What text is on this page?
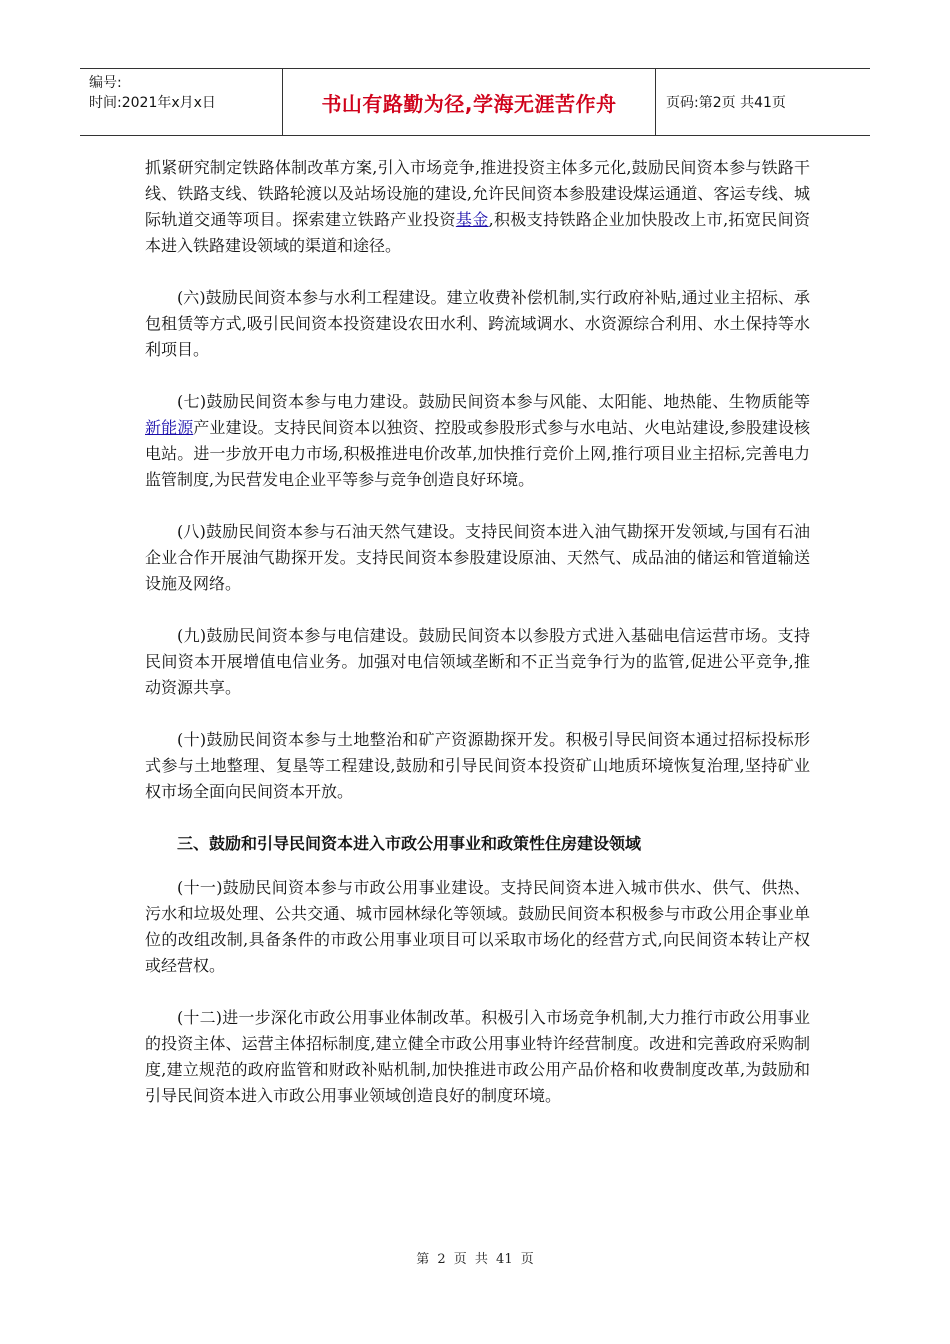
编号:
时间:2021年x月x日	书山有路勤为径,学海无涯苦作舟	页码:第2页 共41页

抓紧研究制定铁路体制改革方案,引入市场竞争,推进投资主体多元化,鼓励民间资本参与铁路干线、铁路支线、铁路轮渡以及站场设施的建设,允许民间资本参股建设煤运通道、客运专线、城际轨道交通等项目。探索建立铁路产业投资基金,积极支持铁路企业加快股改上市,拓宽民间资本进入铁路建设领域的渠道和途径。

(六)鼓励民间资本参与水利工程建设。建立收费补偿机制,实行政府补贴,通过业主招标、承包租赁等方式,吸引民间资本投资建设农田水利、跨流域调水、水资源综合利用、水土保持等水利项目。

(七)鼓励民间资本参与电力建设。鼓励民间资本参与风能、太阳能、地热能、生物质能等新能源产业建设。支持民间资本以独资、控股或参股形式参与水电站、火电站建设,参股建设核电站。进一步放开电力市场,积极推进电价改革,加快推行竞价上网,推行项目业主招标,完善电力监管制度,为民营发电企业平等参与竞争创造良好环境。

(八)鼓励民间资本参与石油天然气建设。支持民间资本进入油气勘探开发领域,与国有石油企业合作开展油气勘探开发。支持民间资本参股建设原油、天然气、成品油的储运和管道输送设施及网络。

(九)鼓励民间资本参与电信建设。鼓励民间资本以参股方式进入基础电信运营市场。支持民间资本开展增值电信业务。加强对电信领域垄断和不正当竞争行为的监管,促进公平竞争,推动资源共享。

(十)鼓励民间资本参与土地整治和矿产资源勘探开发。积极引导民间资本通过招标投标形式参与土地整理、复垦等工程建设,鼓励和引导民间资本投资矿山地质环境恢复治理,坚持矿业权市场全面向民间资本开放。

三、鼓励和引导民间资本进入市政公用事业和政策性住房建设领域

(十一)鼓励民间资本参与市政公用事业建设。支持民间资本进入城市供水、供气、供热、污水和垃圾处理、公共交通、城市园林绿化等领域。鼓励民间资本积极参与市政公用企事业单位的改组改制,具备条件的市政公用事业项目可以采取市场化的经营方式,向民间资本转让产权或经营权。

(十二)进一步深化市政公用事业体制改革。积极引入市场竞争机制,大力推行市政公用事业的投资主体、运营主体招标制度,建立健全市政公用事业特许经营制度。改进和完善政府采购制度,建立规范的政府监管和财政补贴机制,加快推进市政公用产品价格和收费制度改革,为鼓励和引导民间资本进入市政公用事业领域创造良好的制度环境。

第 2 页 共 41 页
